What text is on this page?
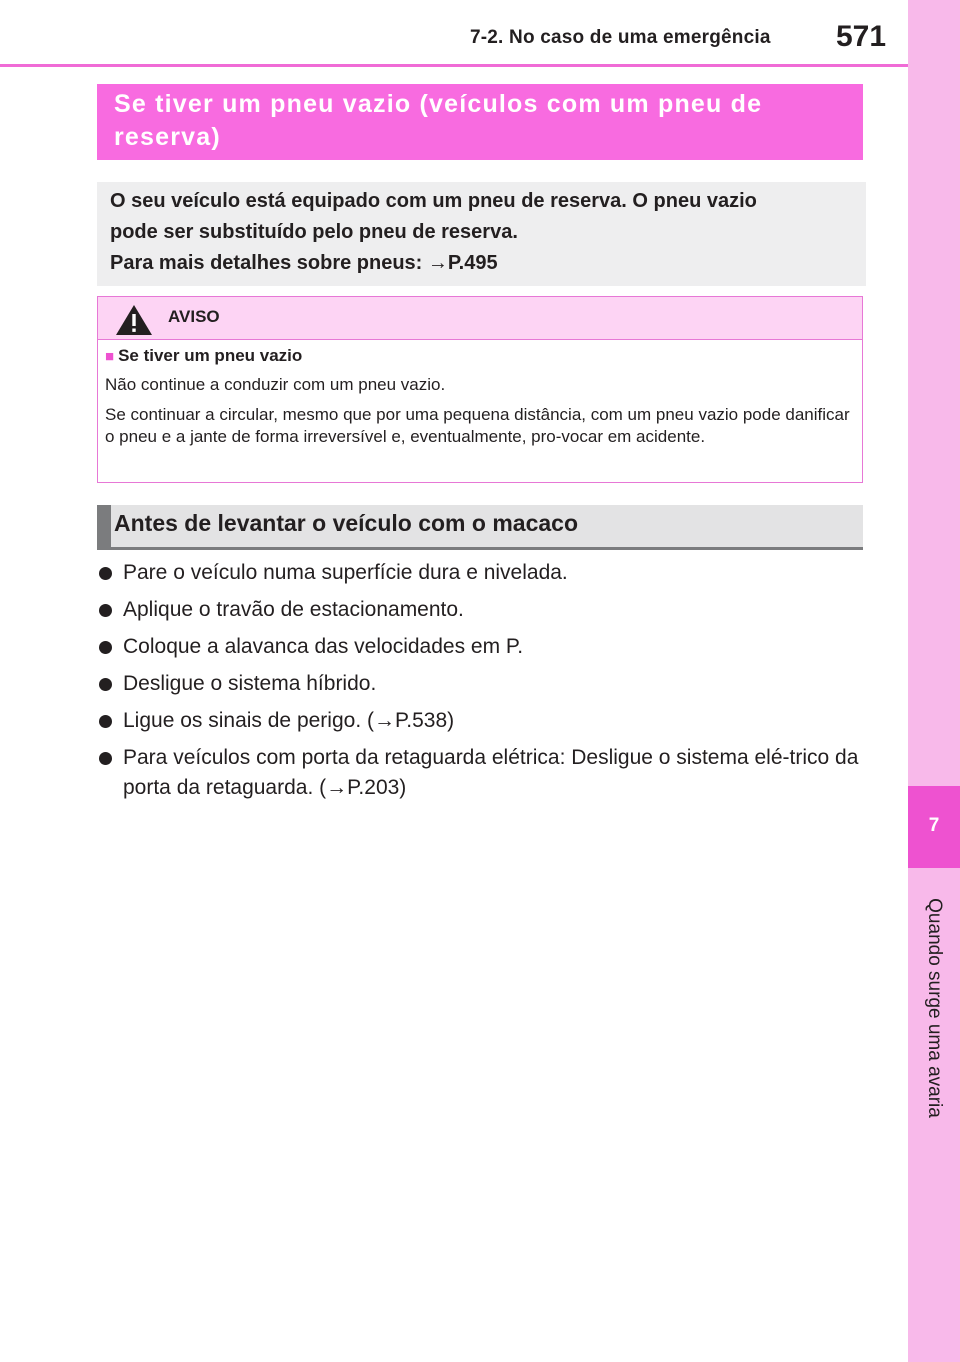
7-2. No caso de uma emergência	571
7
Quando surge uma avaria
Se tiver um pneu vazio (veículos com um pneu de reserva)

O seu veículo está equipado com um pneu de reserva. O pneu vazio

pode ser substituído pelo pneu de reserva.

Para mais detalhes sobre pneus: →P.495

AVISO
■ Se tiver um pneu vazio

Não continue a conduzir com um pneu vazio.

Se continuar a circular, mesmo que por uma pequena distância, com um pneu vazio pode danificar o pneu e a jante de forma irreversível e, eventualmente, pro-vocar em acidente.

Antes de levantar o veículo com o macaco
Pare o veículo numa superfície dura e nivelada.
Aplique o travão de estacionamento.
Coloque a alavanca das velocidades em P.
Desligue o sistema híbrido.
Ligue os sinais de perigo. (→P.538)
Para veículos com porta da retaguarda elétrica: Desligue o sistema elé-trico da porta da retaguarda. (→P.203)
